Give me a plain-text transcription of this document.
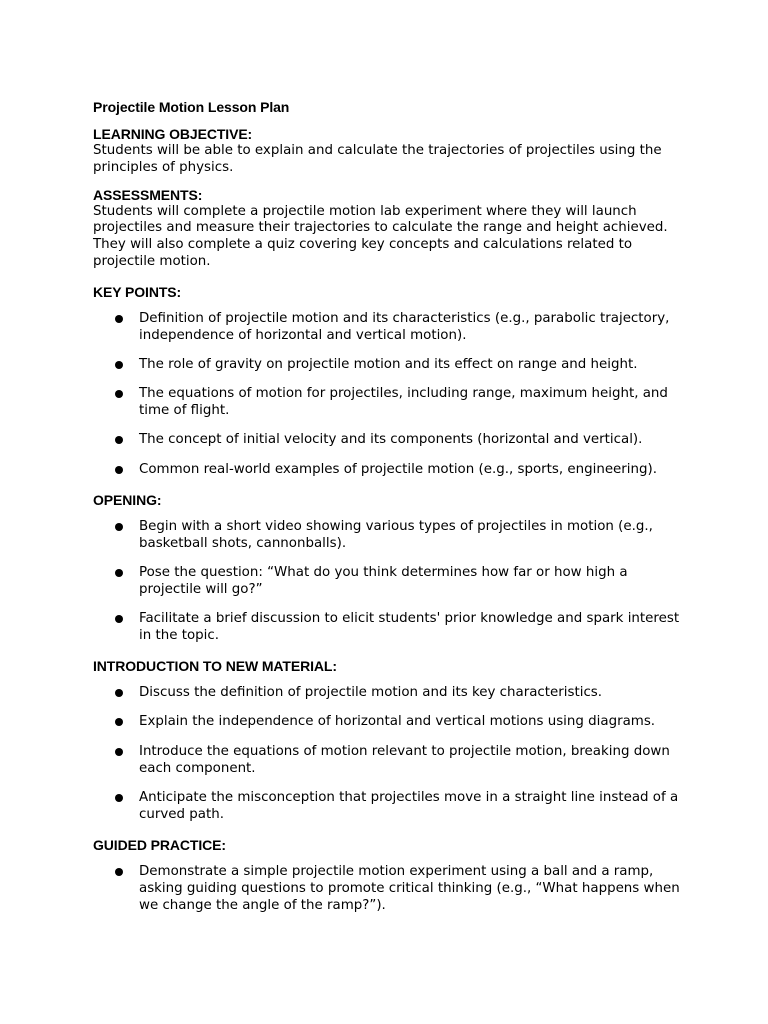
Projectile Motion Lesson Plan
LEARNING OBJECTIVE:

Students will be able to explain and calculate the trajectories of projectiles using the principles of physics.

ASSESSMENTS:

Students will complete a projectile motion lab experiment where they will launch projectiles and measure their trajectories to calculate the range and height achieved. They will also complete a quiz covering key concepts and calculations related to projectile motion.

KEY POINTS:
Definition of projectile motion and its characteristics (e.g., parabolic trajectory, independence of horizontal and vertical motion).
The role of gravity on projectile motion and its effect on range and height.
The equations of motion for projectiles, including range, maximum height, and time of flight.
The concept of initial velocity and its components (horizontal and vertical).
Common real-world examples of projectile motion (e.g., sports, engineering).
OPENING:
Begin with a short video showing various types of projectiles in motion (e.g., basketball shots, cannonballs).
Pose the question: “What do you think determines how far or how high a projectile will go?”
Facilitate a brief discussion to elicit students' prior knowledge and spark interest in the topic.
INTRODUCTION TO NEW MATERIAL:
Discuss the definition of projectile motion and its key characteristics.
Explain the independence of horizontal and vertical motions using diagrams.
Introduce the equations of motion relevant to projectile motion, breaking down each component.
Anticipate the misconception that projectiles move in a straight line instead of a curved path.
GUIDED PRACTICE:
Demonstrate a simple projectile motion experiment using a ball and a ramp, asking guiding questions to promote critical thinking (e.g., “What happens when we change the angle of the ramp?”).
